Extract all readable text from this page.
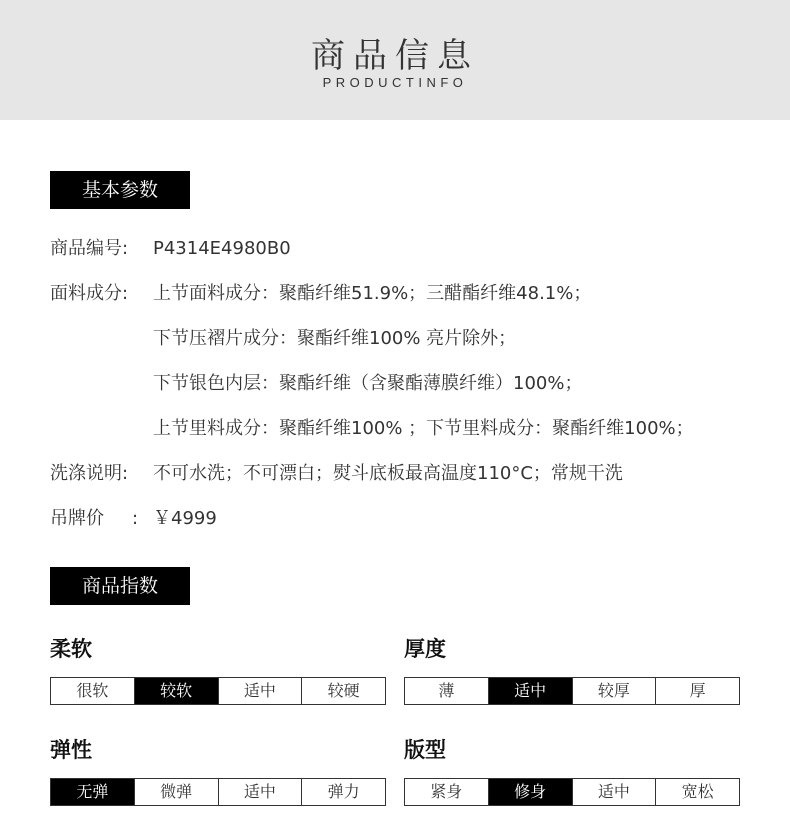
商品信息
PRODUCTINFO
基本参数
商品编号: P4314E4980B0
面料成分: 上节面料成分：聚酯纤维51.9%；三醋酯纤维48.1%；
下节压褶片成分：聚酯纤维100% 亮片除外；
下节银色内层：聚酯纤维（含聚酯薄膜纤维）100%；
上节里料成分：聚酯纤维100% ；下节里料成分：聚酯纤维100%；
洗涤说明: 不可水洗；不可漂白；熨斗底板最高温度110°C；常规干洗
吊牌价 : ￥4999
商品指数
柔软
很软	较软	适中	较硬
厚度
薄	适中	较厚	厚
弹性
无弹	微弹	适中	弹力
版型
紧身	修身	适中	宽松
